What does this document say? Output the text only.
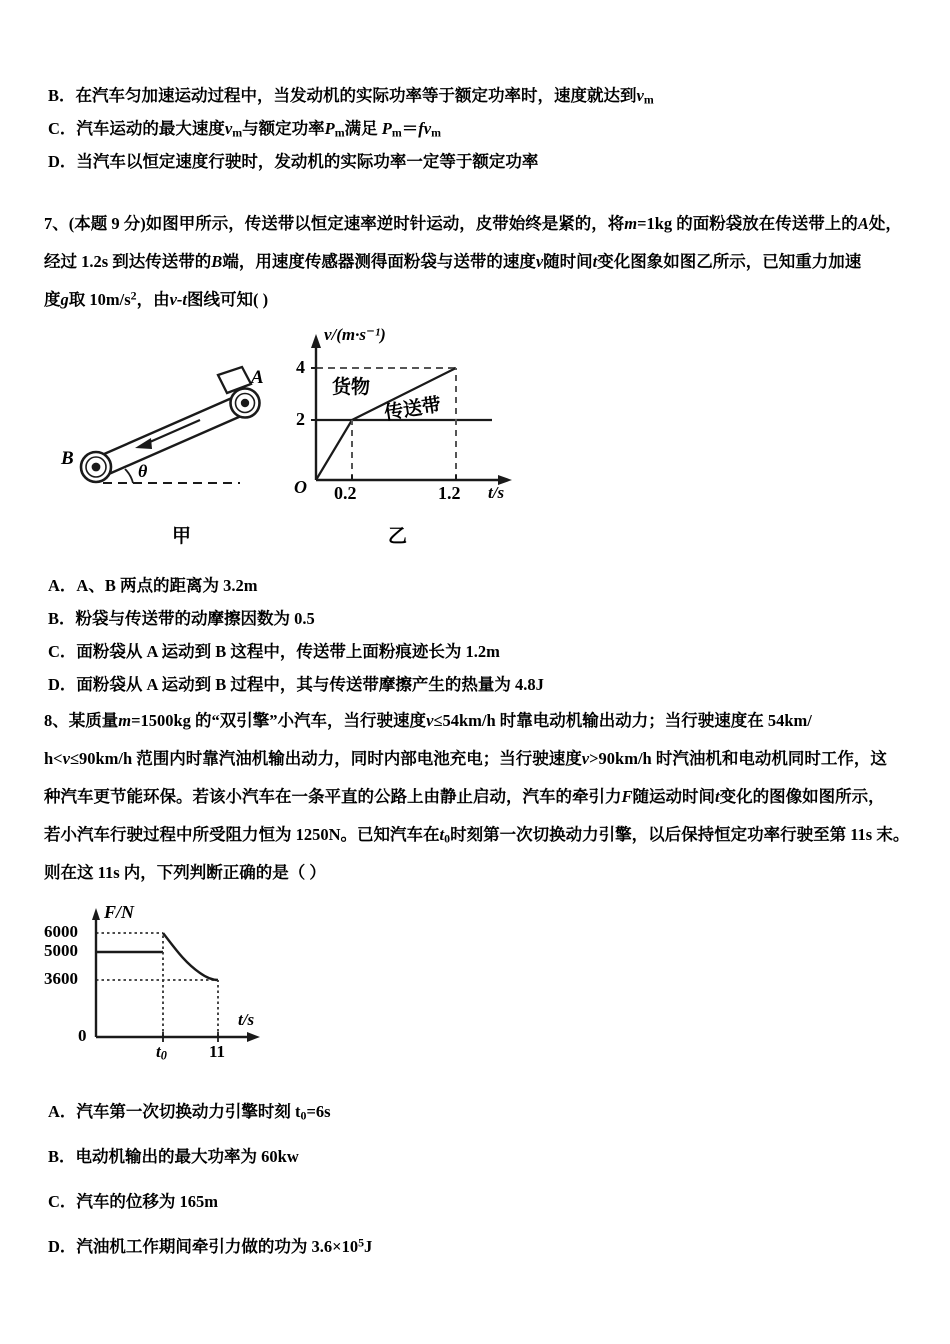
B．在汽车匀加速运动过程中，当发动机的实际功率等于额定功率时，速度就达到$v_m$
C．汽车运动的最大速度$v_m$与额定功率$P_m$满足 $P_m=fv_m$
D．当汽车以恒定速度行驶时，发动机的实际功率一定等于额定功率
7、(本题 9 分)如图甲所示，传送带以恒定速率逆时针运动，皮带始终是紧的，将m=1kg 的面粉袋放在传送带上的A处，
经过 1.2s 到达传送带的B端，用速度传感器测得面粉袋与送带的速度v随时间t变化图象如图乙所示，已知重力加速
度g取 $10m/s^2$，由v-t图线可知( )
A
B
θ
甲
v/(m·s⁻¹)
4
2
O 0.2	1.2 t/s
货物
传送带
乙
A．A、B 两点的距离为 3.2m
B．粉袋与传送带的动摩擦因数为 0.5
C．面粉袋从 A 运动到 B 这程中，传送带上面粉痕迹长为 1.2m
D．面粉袋从 A 运动到 B 过程中，其与传送带摩擦产生的热量为 4.8J
8、某质量m=1500kg 的“双引擎”小汽车，当行驶速度v≤54km/h 时靠电动机输出动力；当行驶速度在 54km/
h<v≤90km/h 范围内时靠汽油机输出动力，同时内部电池充电；当行驶速度v>90km/h 时汽油机和电动机同时工作，这
种汽车更节能环保。若该小汽车在一条平直的公路上由静止启动，汽车的牵引力F随运动时间t变化的图像如图所示，
若小汽车行驶过程中所受阻力恒为 1250N。已知汽车在$t_0$时刻第一次切换动力引擎，以后保持恒定功率行驶至第 11s 末。
则在这 11s 内，下列判断正确的是（ ）
F/N
6000
5000
3600
0
$t_0$ 11
t/s
A．汽车第一次切换动力引擎时刻 $t_0=6s$
B．电动机输出的最大功率为 60kw
C．汽车的位移为 165m
D．汽油机工作期间牵引力做的功为 $3.6\times 10^5J$
